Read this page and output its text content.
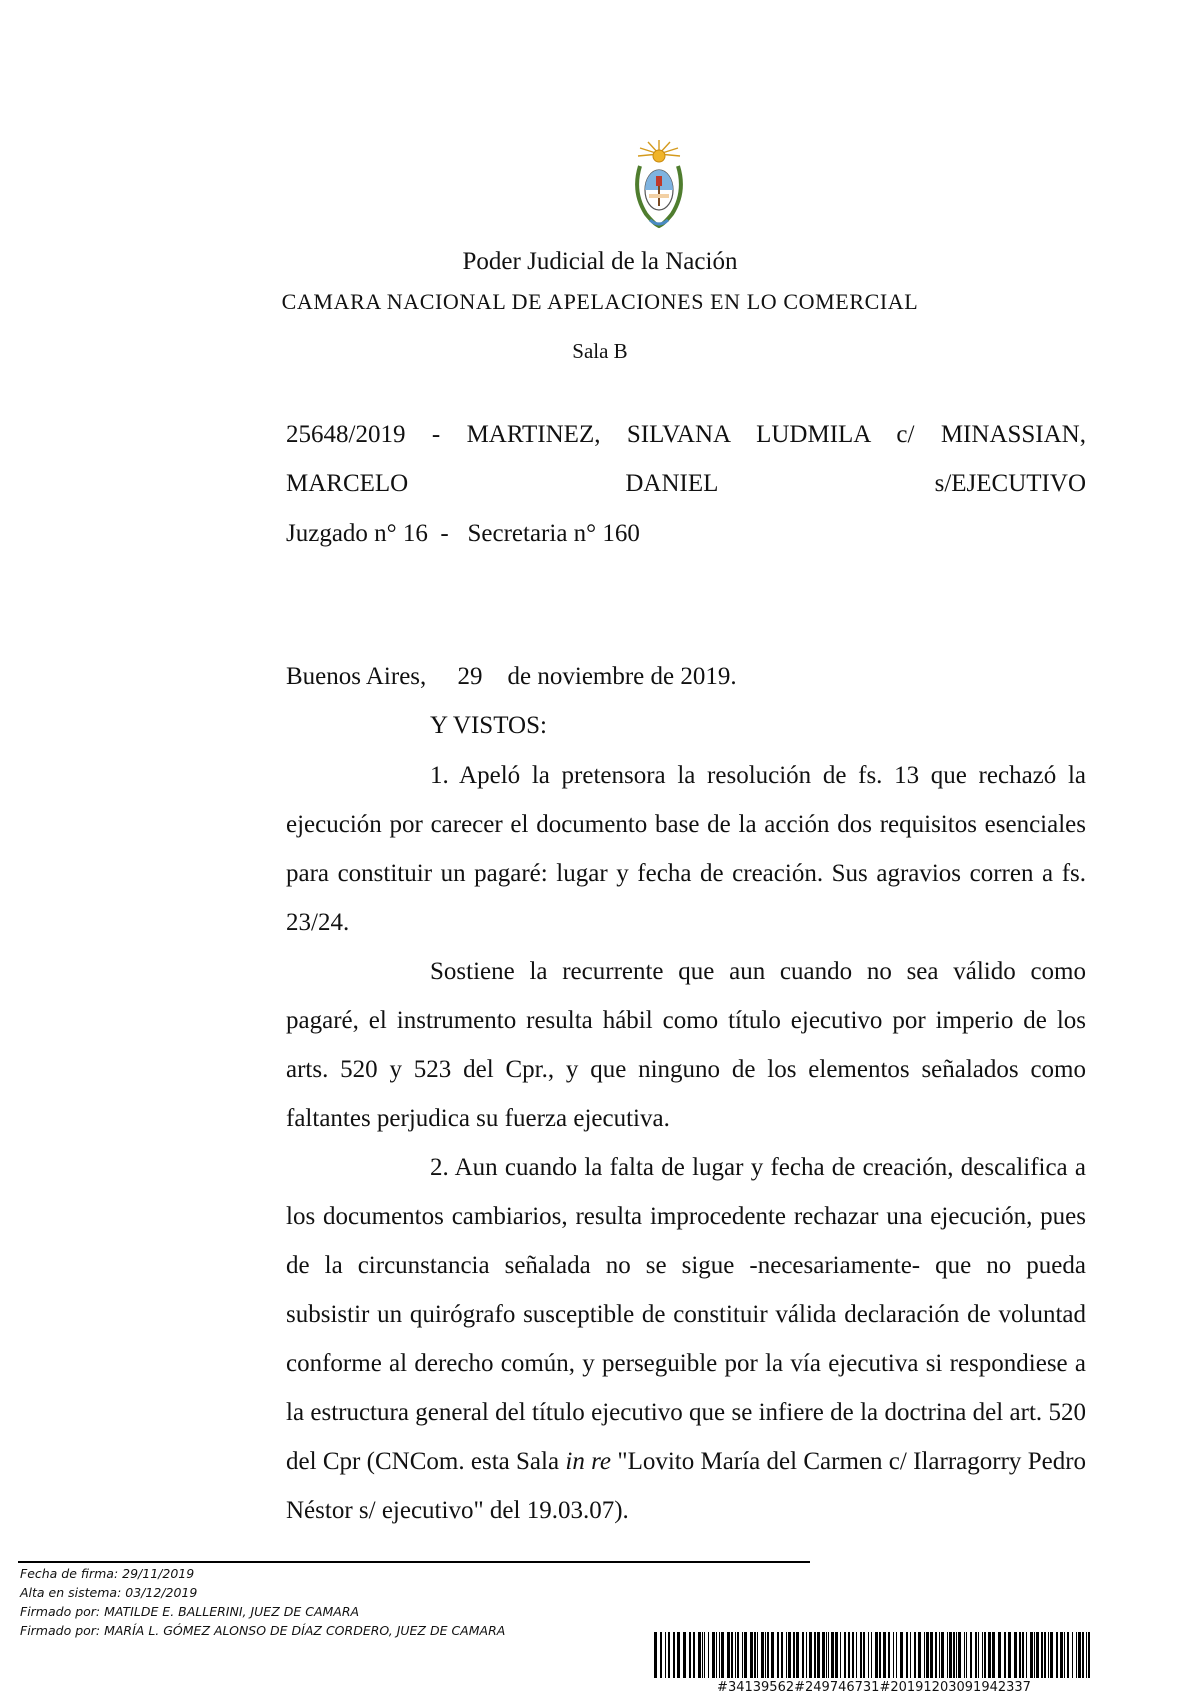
Poder Judicial de la Nación
CAMARA NACIONAL DE APELACIONES EN LO COMERCIAL
Sala B
25648/2019 - MARTINEZ, SILVANA LUDMILA c/ MINASSIAN, MARCELO DANIEL s/EJECUTIVO
Juzgado n° 16  -   Secretaria n° 160
Buenos Aires,     29    de noviembre de 2019.
Y VISTOS:

1. Apeló la pretensora la resolución de fs. 13 que rechazó la ejecución por carecer el documento base de la acción dos requisitos esenciales para constituir un pagaré: lugar y fecha de creación. Sus agravios corren a fs. 23/24.

Sostiene la recurrente que aun cuando no sea válido como pagaré, el instrumento resulta hábil como título ejecutivo por imperio de los arts. 520 y 523 del Cpr., y que ninguno de los elementos señalados como faltantes perjudica su fuerza ejecutiva.

2. Aun cuando la falta de lugar y fecha de creación, descalifica a los documentos cambiarios, resulta improcedente rechazar una ejecución, pues de la circunstancia señalada no se sigue -necesariamente- que no pueda subsistir un quirógrafo susceptible de constituir válida declaración de voluntad conforme al derecho común, y perseguible por la vía ejecutiva si respondiese a la estructura general del título ejecutivo que se infiere de la doctrina del art. 520 del Cpr (CNCom. esta Sala in re "Lovito María del Carmen c/ Ilarragorry Pedro Néstor s/ ejecutivo" del 19.03.07).

Fecha de firma: 29/11/2019
Alta en sistema: 03/12/2019
Firmado por: MATILDE E. BALLERINI, JUEZ DE CAMARA
Firmado por: MARÍA L. GÓMEZ ALONSO DE DÍAZ CORDERO, JUEZ DE CAMARA
#34139562#249746731#20191203091942337
